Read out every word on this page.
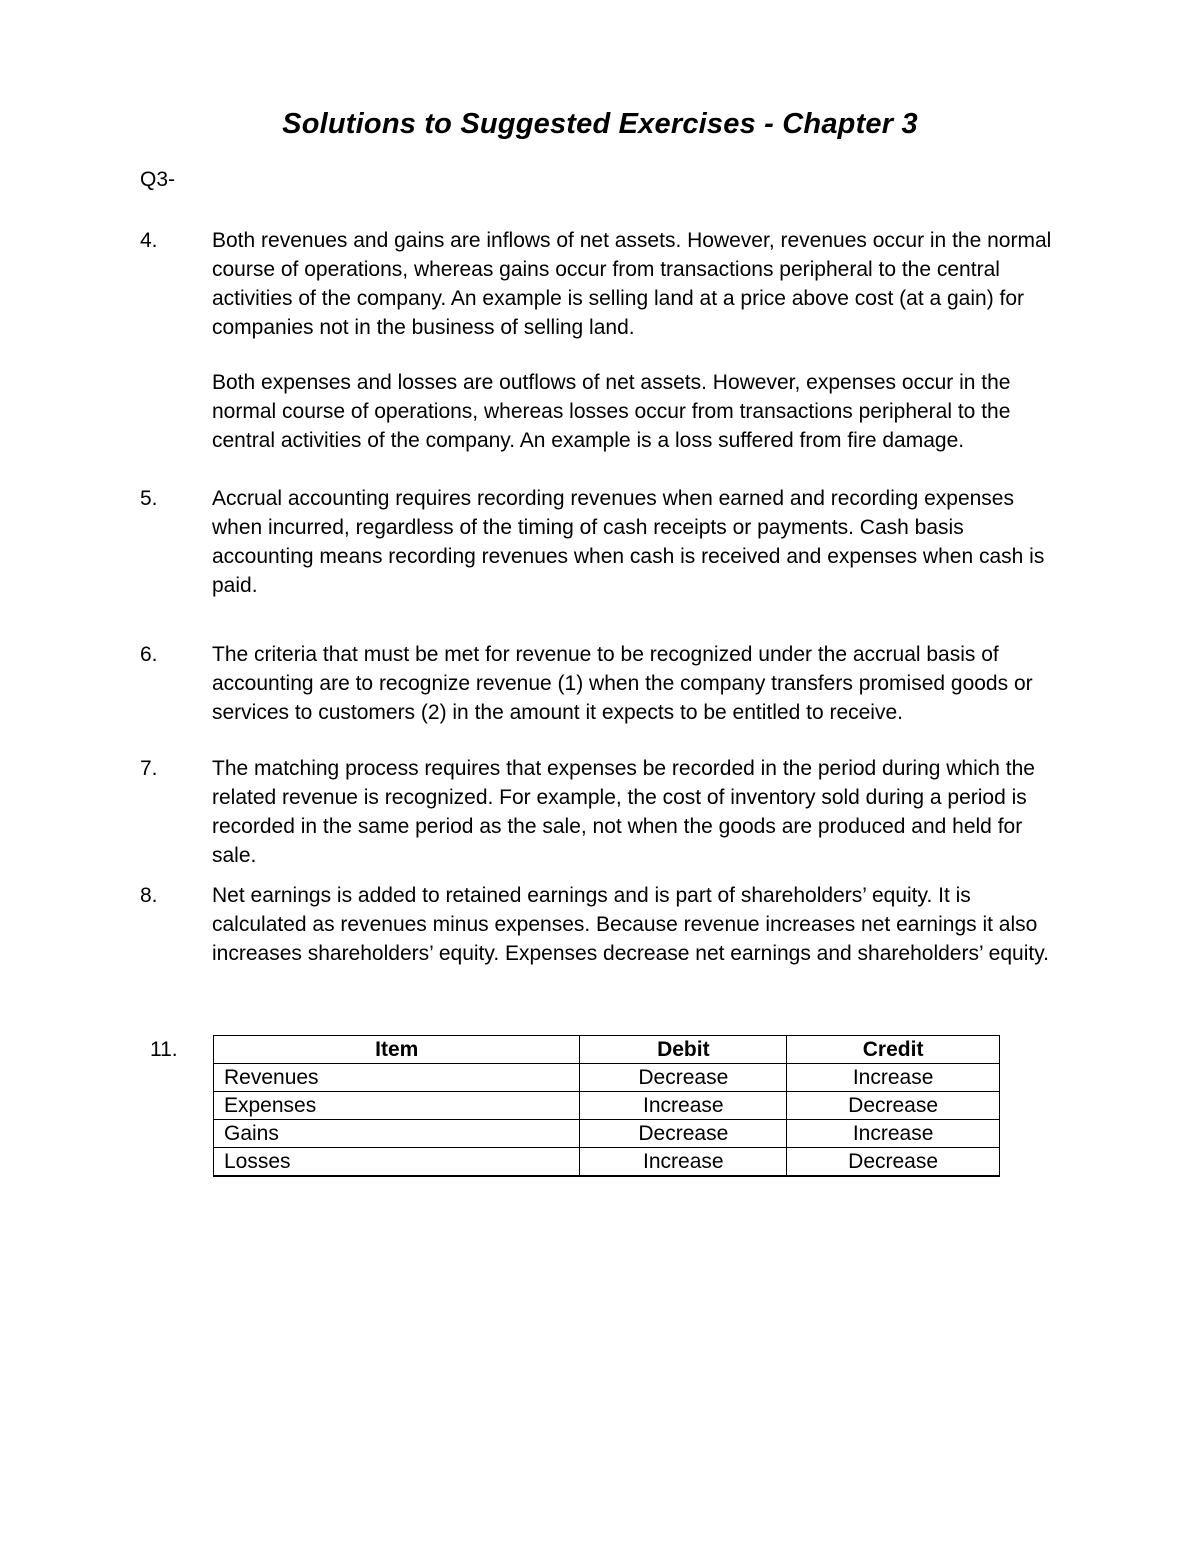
Solutions to Suggested Exercises - Chapter 3
Q3-
4.	Both revenues and gains are inflows of net assets. However, revenues occur in the normal course of operations, whereas gains occur from transactions peripheral to the central activities of the company. An example is selling land at a price above cost (at a gain) for companies not in the business of selling land.

Both expenses and losses are outflows of net assets. However, expenses occur in the normal course of operations, whereas losses occur from transactions peripheral to the central activities of the company. An example is a loss suffered from fire damage.

5.	Accrual accounting requires recording revenues when earned and recording expenses when incurred, regardless of the timing of cash receipts or payments. Cash basis accounting means recording revenues when cash is received and expenses when cash is paid.

6.	The criteria that must be met for revenue to be recognized under the accrual basis of accounting are to recognize revenue (1) when the company transfers promised goods or services to customers (2) in the amount it expects to be entitled to receive.

7.	The matching process requires that expenses be recorded in the period during which the related revenue is recognized. For example, the cost of inventory sold during a period is recorded in the same period as the sale, not when the goods are produced and held for sale.

8.	Net earnings is added to retained earnings and is part of shareholders’ equity. It is calculated as revenues minus expenses. Because revenue increases net earnings it also increases shareholders’ equity. Expenses decrease net earnings and shareholders’ equity.

11.	Item	Debit	Credit
Revenues	Decrease	Increase
Expenses	Increase	Decrease
Gains	Decrease	Increase
Losses	Increase	Decrease
